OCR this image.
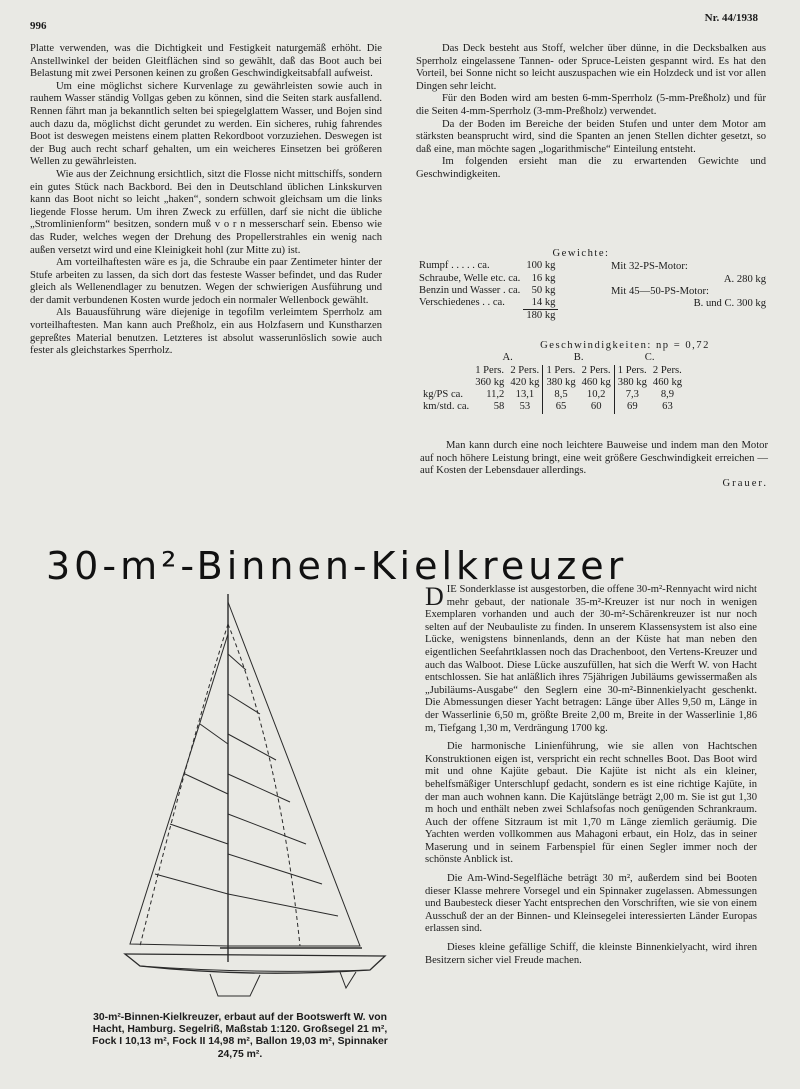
996
Nr. 44/1938

Platte verwenden, was die Dichtigkeit und Festigkeit naturgemäß erhöht. Die Anstellwinkel der beiden Gleitflächen sind so gewählt, daß das Boot auch bei Belastung mit zwei Personen keinen zu großen Geschwindigkeitsabfall aufweist.

Um eine möglichst sichere Kurvenlage zu gewährleisten sowie auch in rauhem Wasser ständig Vollgas geben zu können, sind die Seiten stark ausfallend. Rennen fährt man ja bekanntlich selten bei spiegelglattem Wasser, und Bojen sind auch dazu da, möglichst dicht gerundet zu werden. Ein sicheres, ruhig fahrendes Boot ist deswegen meistens einem platten Rekordboot vorzuziehen. Deswegen ist der Bug auch recht scharf gehalten, um ein weicheres Einsetzen bei größeren Wellen zu gewährleisten.

Wie aus der Zeichnung ersichtlich, sitzt die Flosse nicht mittschiffs, sondern ein gutes Stück nach Backbord. Bei den in Deutschland üblichen Linkskurven kann das Boot nicht so leicht „haken“, sondern schwoit gleichsam um die links liegende Flosse herum. Um ihren Zweck zu erfüllen, darf sie nicht die übliche „Stromlinienform“ besitzen, sondern muß v o r n messerscharf sein. Ebenso wie das Ruder, welches wegen der Drehung des Propellerstrahles ein wenig nach außen versetzt wird und eine Kleinigkeit hohl (zur Mitte zu) ist.

Am vorteilhaftesten wäre es ja, die Schraube ein paar Zentimeter hinter der Stufe arbeiten zu lassen, da sich dort das festeste Wasser befindet, und das Ruder gleich als Wellenendlager zu benutzen. Wegen der schwierigen Ausführung und der damit verbundenen Kosten wurde jedoch ein normaler Wellenbock gewählt.

Als Bauausführung wäre diejenige in tegofilm verleimtem Sperrholz am vorteilhaftesten. Man kann auch Preßholz, ein aus Holzfasern und Kunstharzen gepreßtes Material benutzen. Letzteres ist absolut wasserunlöslich sowie auch fester als gleichstarkes Sperrholz.

Das Deck besteht aus Stoff, welcher über dünne, in die Decksbalken aus Sperrholz eingelassene Tannen- oder Spruce-Leisten gespannt wird. Es hat den Vorteil, bei Sonne nicht so leicht auszuspachen wie ein Holzdeck und ist vor allen Dingen sehr leicht.

Für den Boden wird am besten 6-mm-Sperrholz (5-mm-Preßholz) und für die Seiten 4-mm-Sperrholz (3-mm-Preßholz) verwendet.

Da der Boden im Bereiche der beiden Stufen und unter dem Motor am stärksten beansprucht wird, sind die Spanten an jenen Stellen dichter gesetzt, so daß eine, man möchte sagen „logarithmische“ Einteilung entsteht.

Im folgenden ersieht man die zu erwartenden Gewichte und Geschwindigkeiten.

Gewichte:
Rumpf . . . . . ca.	100 kg
Schraube, Welle etc. ca.	16 kg
Benzin und Wasser . ca.	50 kg
Verschiedenes . . ca.	14 kg
	180 kg
Mit 32-PS-Motor:
A. 280 kg
Mit 45—50-PS-Motor:
B. und C. 300 kg
Geschwindigkeiten: np = 0,72
	A.		B.		C.	
	1 Pers.	2 Pers.	1 Pers.	2 Pers.	1 Pers.	2 Pers.
	360 kg	420 kg	380 kg	460 kg	380 kg	460 kg
kg/PS ca.	11,2	13,1	8,5	10,2	7,3	8,9
km/std. ca.	58	53	65	60	69	63

Man kann durch eine noch leichtere Bauweise und indem man den Motor auf noch höhere Leistung bringt, eine weit größere Geschwindigkeit erreichen — auf Kosten der Lebensdauer allerdings.

Grauer.
30-m²-Binnen-Kielkreuzer
30-m²-Binnen-Kielkreuzer, erbaut auf der Bootswerft W. von Hacht, Hamburg. Segelriß, Maßstab 1:120. Großsegel 21 m², Fock I 10,13 m², Fock II 14,98 m², Ballon 19,03 m², Spinnaker 24,75 m².

DIE Sonderklasse ist ausgestorben, die offene 30-m²-Rennyacht wird nicht mehr gebaut, der nationale 35-m²-Kreuzer ist nur noch in wenigen Exemplaren vorhanden und auch der 30-m²-Schärenkreuzer ist nur noch selten auf der Neubauliste zu finden. In unserem Klassensystem ist also eine Lücke, wenigstens binnenlands, denn an der Küste hat man neben den eigentlichen Seefahrtklassen noch das Drachenboot, den Vertens-Kreuzer und auch das Walboot. Diese Lücke auszufüllen, hat sich die Werft W. von Hacht entschlossen. Sie hat anläßlich ihres 75jährigen Jubiläums gewissermaßen als „Jubiläums-Ausgabe“ den Seglern eine 30-m²-Binnenkielyacht geschenkt. Die Abmessungen dieser Yacht betragen: Länge über Alles 9,50 m, Länge in der Wasserlinie 6,50 m, größte Breite 2,00 m, Breite in der Wasserlinie 1,86 m, Tiefgang 1,30 m, Verdrängung 1700 kg.

Die harmonische Linienführung, wie sie allen von Hachtschen Konstruktionen eigen ist, verspricht ein recht schnelles Boot. Das Boot wird mit und ohne Kajüte gebaut. Die Kajüte ist nicht als ein kleiner, behelfsmäßiger Unterschlupf gedacht, sondern es ist eine richtige Kajüte, in der man auch wohnen kann. Die Kajütslänge beträgt 2,00 m. Sie ist gut 1,30 m hoch und enthält neben zwei Schlafsofas noch genügenden Schrankraum. Auch der offene Sitzraum ist mit 1,70 m Länge ziemlich geräumig. Die Yachten werden vollkommen aus Mahagoni erbaut, ein Holz, das in seiner Maserung und in seinem Farbenspiel für einen Segler immer noch der schönste Anblick ist.

Die Am-Wind-Segelfläche beträgt 30 m², außerdem sind bei Booten dieser Klasse mehrere Vorsegel und ein Spinnaker zugelassen. Abmessungen und Baubesteck dieser Yacht entsprechen den Vorschriften, wie sie von einem Ausschuß der an der Binnen- und Kleinsegelei interessierten Länder Europas erlassen sind.

Dieses kleine gefällige Schiff, die kleinste Binnenkielyacht, wird ihren Besitzern sicher viel Freude machen.
